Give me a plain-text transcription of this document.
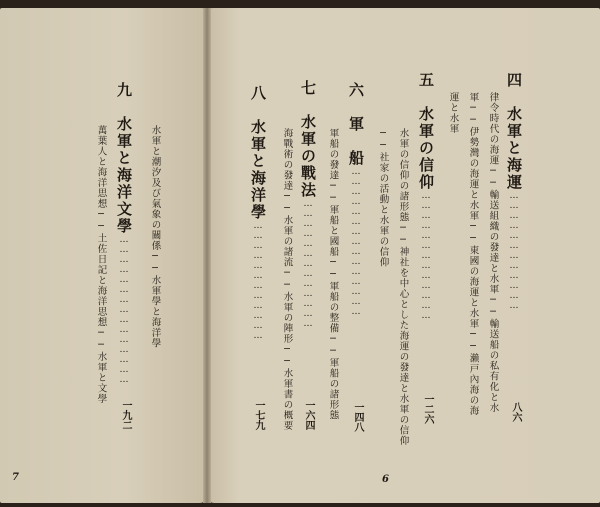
四　水軍と海運………………………………
八六
律令時代の海運──輸送組織の發達と水軍──輸送船の私有化と水
軍──伊勢灣の海運と水軍──東國の海運と水軍──瀨戸內海の海
運と水軍
五　水軍の信仰…………………………………
一二六
水軍の信仰の諸形態──神社を中心とした海運の發達と水軍の信仰
──社家の活動と水軍の信仰
六　軍　船………………………………………
一四八
軍船の發達──軍船と國船──軍船の整備──軍船の諸形態
七　水軍の戰法…………………………………
一六四
海戰術の發達──水軍の諸流──水軍の陣形──水軍書の概要
八　水軍と海洋學………………………………
一七九
九　水軍と海洋文學………………………………………
一九二
萬葉人と海洋思想──土佐日記と海洋思想──水軍と文學	水軍と潮汐及び氣象の關係──水軍學と海洋學
7	6
